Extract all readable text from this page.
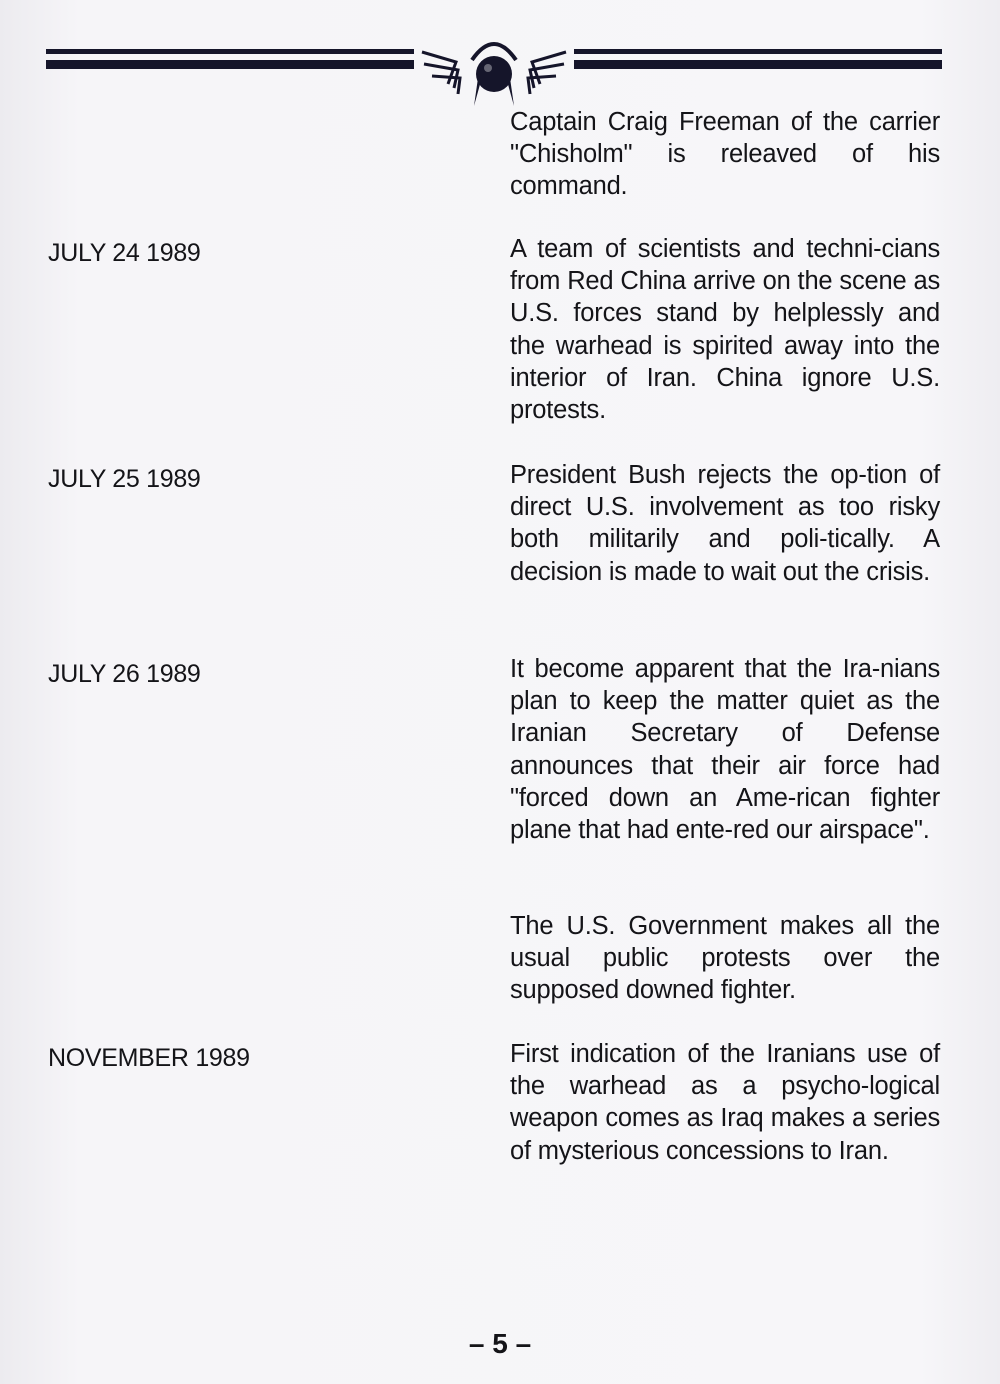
Captain Craig Freeman of the carrier "Chisholm" is releaved of his command.
JULY 24 1989	A team of scientists and techni-cians from Red China arrive on the scene as U.S. forces stand by helplessly and the warhead is spirited away into the interior of Iran. China ignore U.S. protests.
JULY 25 1989	President Bush rejects the op-tion of direct U.S. involvement as too risky both militarily and poli-tically. A decision is made to wait out the crisis.
JULY 26 1989	It become apparent that the Ira-nians plan to keep the matter quiet as the Iranian Secretary of Defense announces that their air force had "forced down an Ame-rican fighter plane that had ente-red our airspace".
The U.S. Government makes all the usual public protests over the supposed downed fighter.
NOVEMBER 1989	First indication of the Iranians use of the warhead as a psycho-logical weapon comes as Iraq makes a series of mysterious concessions to Iran.
– 5 –
